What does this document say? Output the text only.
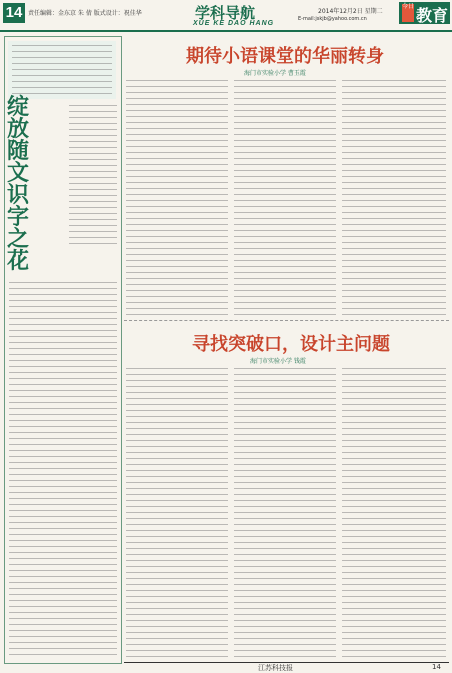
14 责任编辑：金东京 朱 倩 版式设计：祝佳华	学科导航
XUE KE DAO HANG
2014年12月2日 星期二
E-mail:jskjb@yahoo.com.cn
今日 教育
绽
放
随
文
识
字
之
花
期待小语课堂的华丽转身
海门市实验小学 曹玉霞
寻找突破口，设计主问题
海门市实验小学 钱霞
江苏科技报	14
